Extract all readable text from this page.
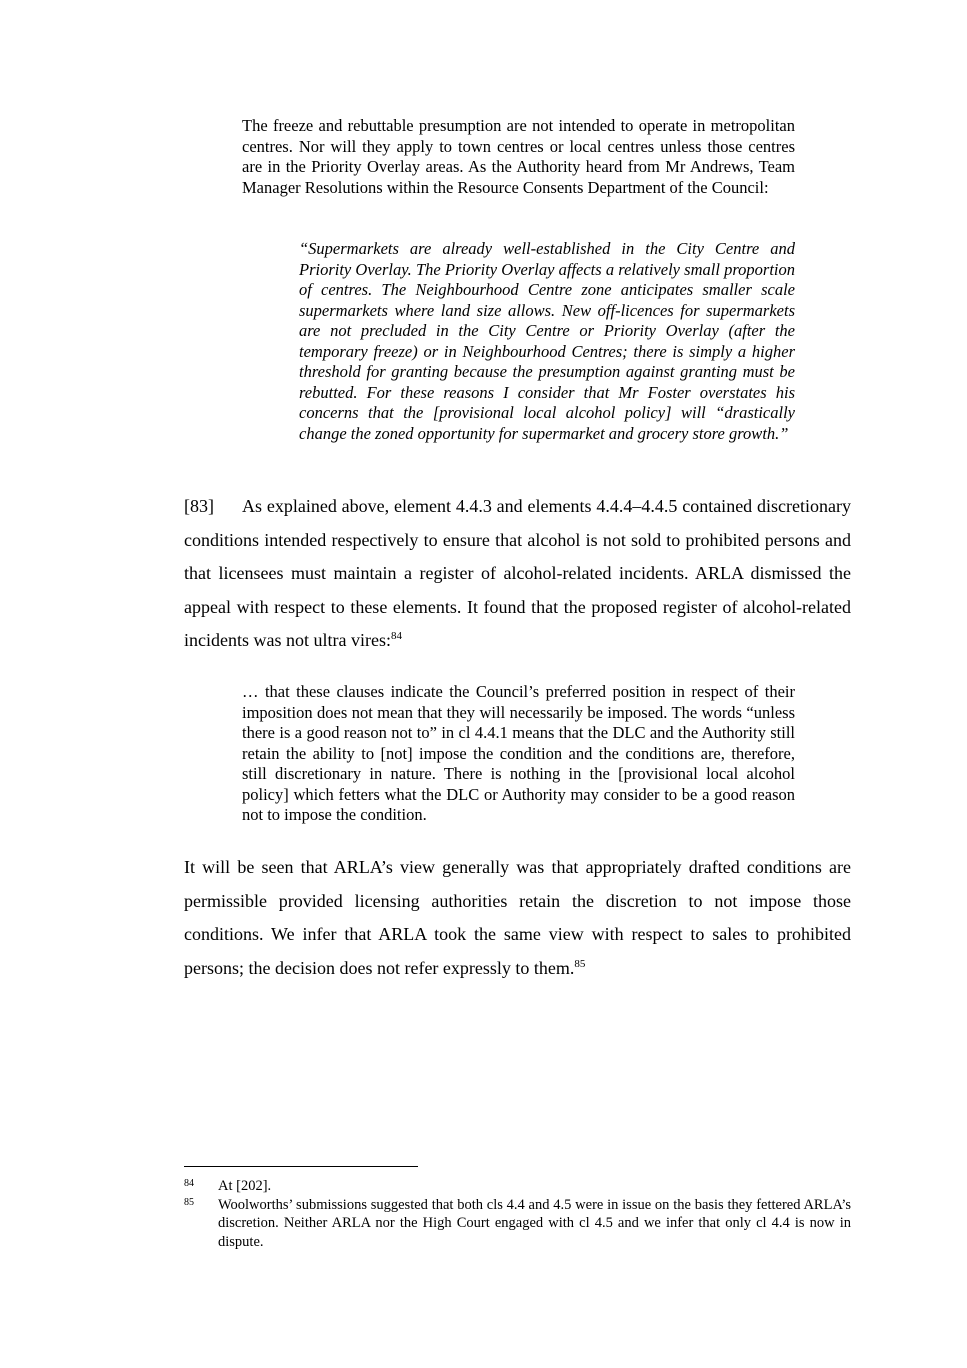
The freeze and rebuttable presumption are not intended to operate in metropolitan centres. Nor will they apply to town centres or local centres unless those centres are in the Priority Overlay areas. As the Authority heard from Mr Andrews, Team Manager Resolutions within the Resource Consents Department of the Council:

“Supermarkets are already well-established in the City Centre and Priority Overlay. The Priority Overlay affects a relatively small proportion of centres. The Neighbourhood Centre zone anticipates smaller scale supermarkets where land size allows. New off-licences for supermarkets are not precluded in the City Centre or Priority Overlay (after the temporary freeze) or in Neighbourhood Centres; there is simply a higher threshold for granting because the presumption against granting must be rebutted. For these reasons I consider that Mr Foster overstates his concerns that the [provisional local alcohol policy] will “drastically change the zoned opportunity for supermarket and grocery store growth.”

[83] As explained above, element 4.4.3 and elements 4.4.4–4.4.5 contained discretionary conditions intended respectively to ensure that alcohol is not sold to prohibited persons and that licensees must maintain a register of alcohol-related incidents. ARLA dismissed the appeal with respect to these elements. It found that the proposed register of alcohol-related incidents was not ultra vires:$^{84}$

… that these clauses indicate the Council’s preferred position in respect of their imposition does not mean that they will necessarily be imposed. The words “unless there is a good reason not to” in cl 4.4.1 means that the DLC and the Authority still retain the ability to [not] impose the condition and the conditions are, therefore, still discretionary in nature. There is nothing in the [provisional local alcohol policy] which fetters what the DLC or Authority may consider to be a good reason not to impose the condition.

It will be seen that ARLA’s view generally was that appropriately drafted conditions are permissible provided licensing authorities retain the discretion to not impose those conditions. We infer that ARLA took the same view with respect to sales to prohibited persons; the decision does not refer expressly to them.$^{85}$

84	At [202].
85	Woolworths’ submissions suggested that both cls 4.4 and 4.5 were in issue on the basis they fettered ARLA’s discretion. Neither ARLA nor the High Court engaged with cl 4.5 and we infer that only cl 4.4 is now in dispute.
